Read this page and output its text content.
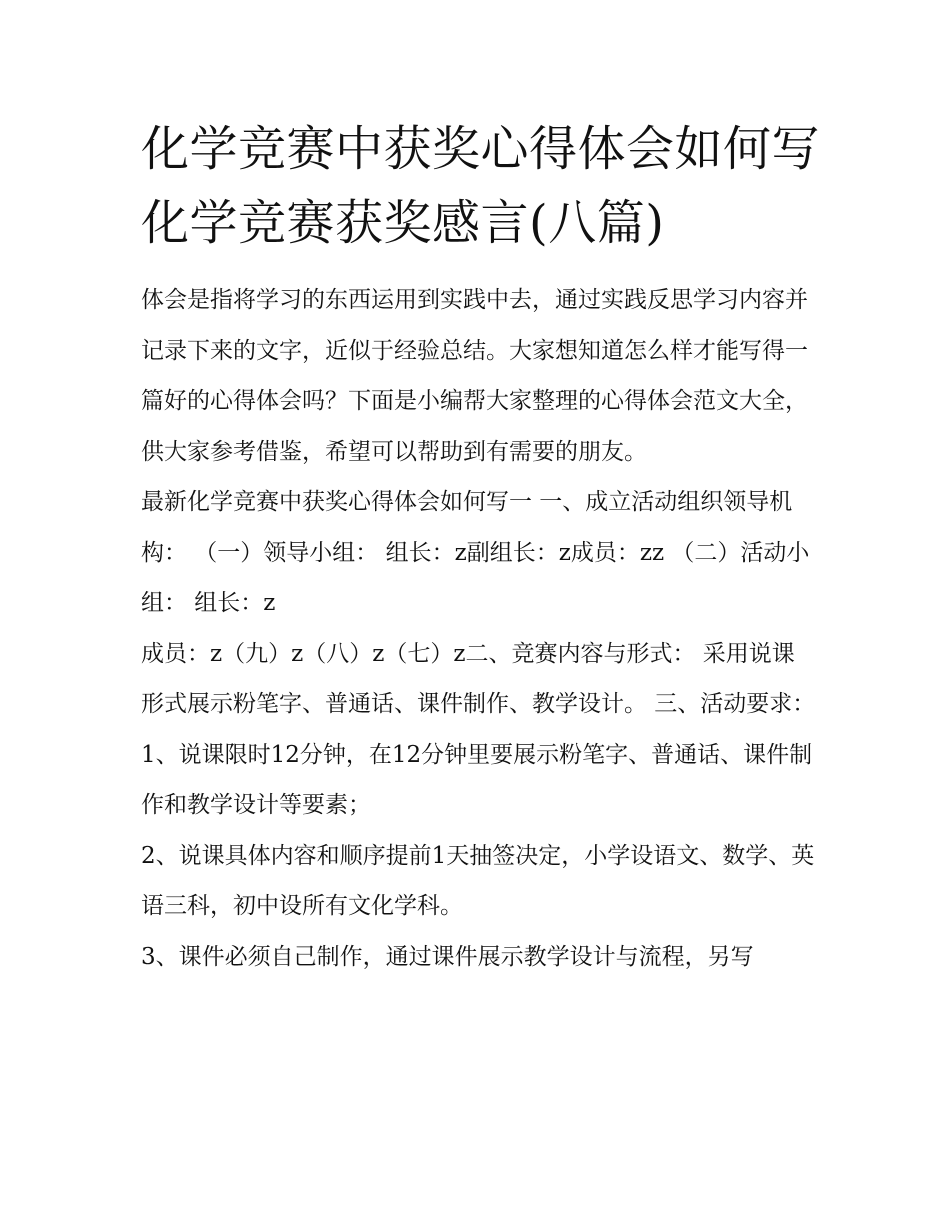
化学竞赛中获奖心得体会如何写 化学竞赛获奖感言(八篇)

体会是指将学习的东西运用到实践中去，通过实践反思学习内容并记录下来的文字，近似于经验总结。大家想知道怎么样才能写得一篇好的心得体会吗？下面是小编帮大家整理的心得体会范文大全，供大家参考借鉴，希望可以帮助到有需要的朋友。

最新化学竞赛中获奖心得体会如何写一 一、成立活动组织领导机构： （一）领导小组： 组长：z副组长：z成员：zz （二）活动小组： 组长：z

成员：z（九）z（八）z（七）z二、竞赛内容与形式： 采用说课形式展示粉笔字、普通话、课件制作、教学设计。 三、活动要求：

1、说课限时12分钟，在12分钟里要展示粉笔字、普通话、课件制作和教学设计等要素；

2、说课具体内容和顺序提前1天抽签决定，小学设语文、数学、英语三科，初中设所有文化学科。

3、课件必须自己制作，通过课件展示教学设计与流程，另写
